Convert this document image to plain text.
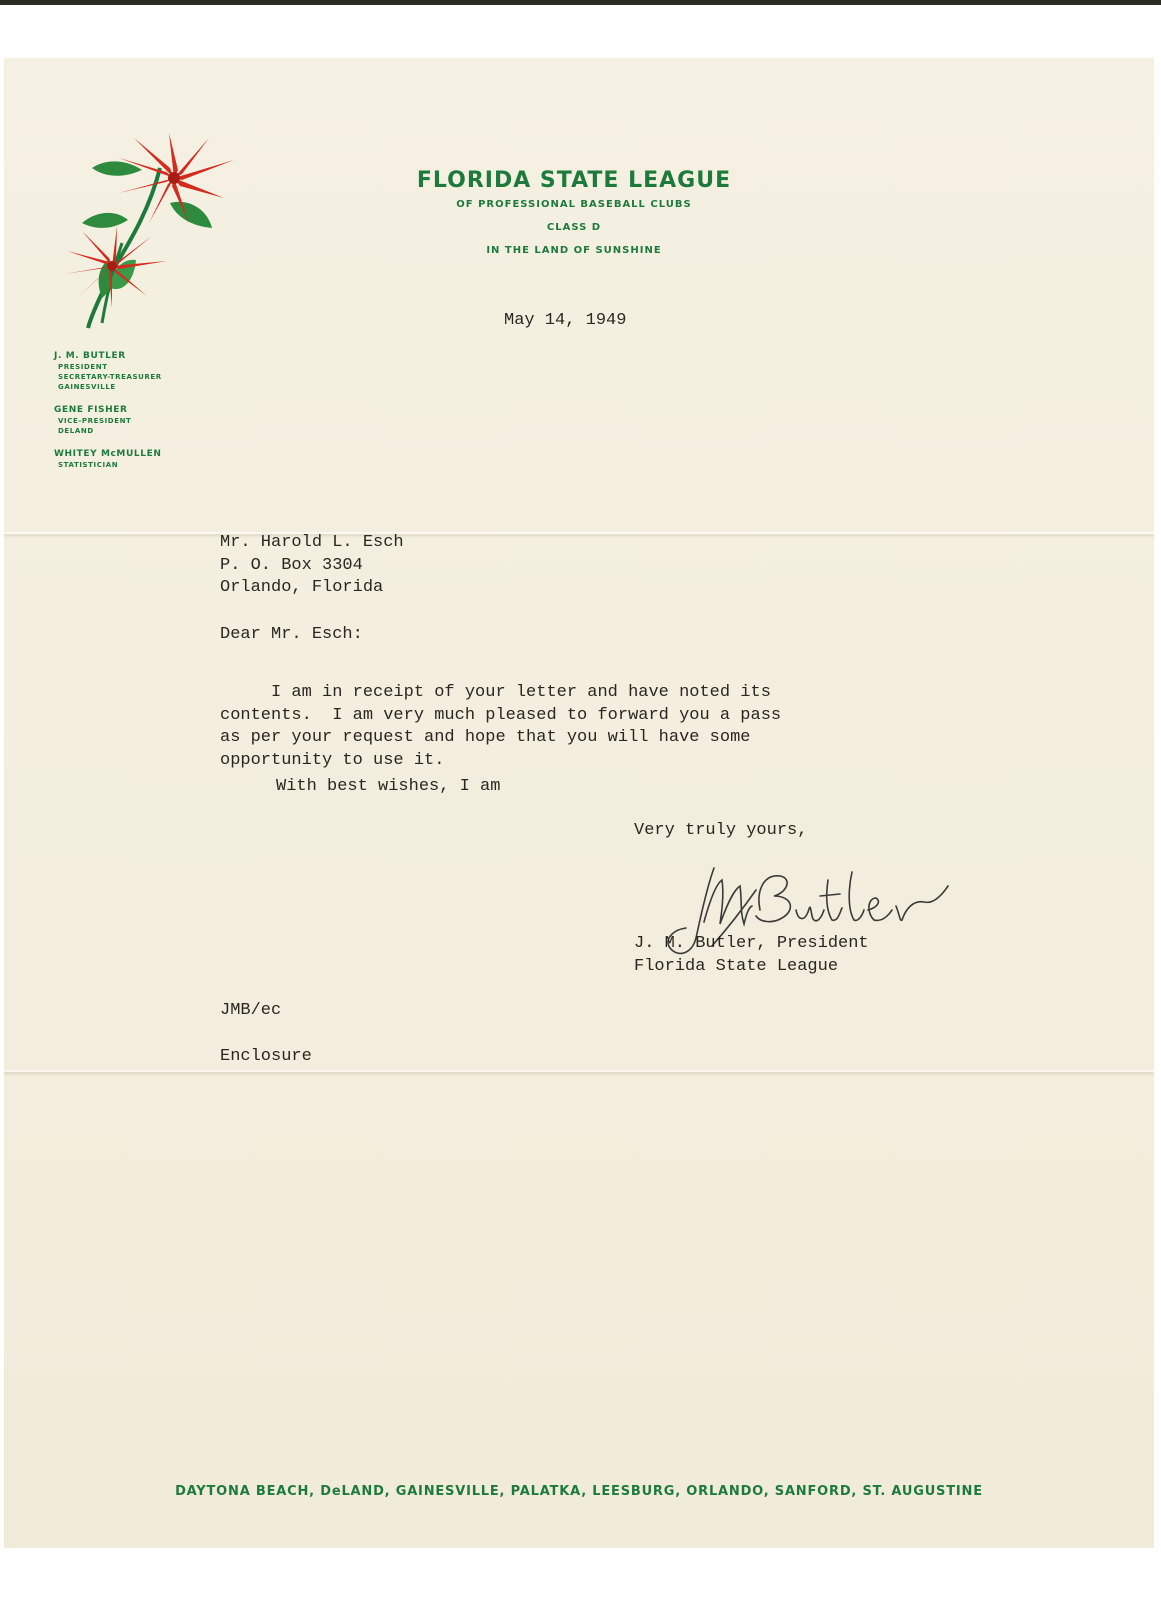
FLORIDA STATE LEAGUE
OF PROFESSIONAL BASEBALL CLUBS
CLASS D
IN THE LAND OF SUNSHINE
J. M. BUTLER
PRESIDENT
SECRETARY-TREASURER
GAINESVILLE
GENE FISHER
VICE-PRESIDENT
DELAND
WHITEY McMULLEN
STATISTICIAN
May 14, 1949
Mr. Harold L. Esch
P. O. Box 3304
Orlando, Florida
Dear Mr. Esch:
I am in receipt of your letter and have noted its
contents.  I am very much pleased to forward you a pass
as per your request and hope that you will have some
opportunity to use it.
With best wishes, I am
Very truly yours,
J. M. Butler, President
Florida State League
JMB/ec
Enclosure
DAYTONA BEACH, DeLAND, GAINESVILLE, PALATKA, LEESBURG, ORLANDO, SANFORD, ST. AUGUSTINE
